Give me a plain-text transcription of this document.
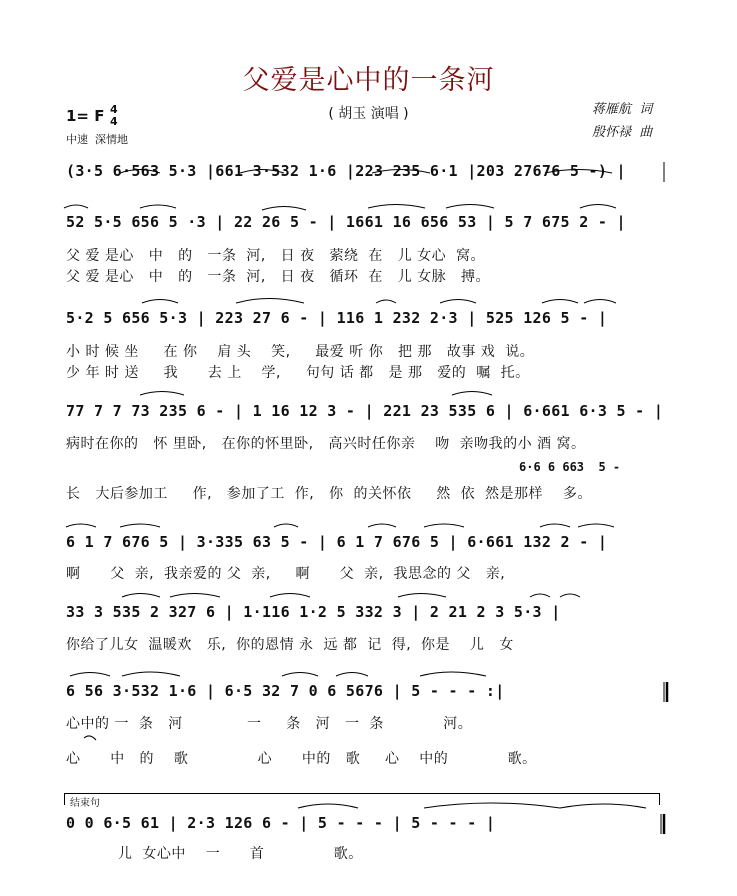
父爱是心中的一条河
( 胡玉 演唱 )
1= F 4
4
中速  深情地
蒋雁航  词
殷怀禄  曲
(3·5 6·563 5·3 |661 3·532 1·6 |223 235 6·1 |203 27676 5 -) |
52 5·5 656 5 ·3 | 22 26 5 - | 1661 16 656 53 | 5 7 675 2 - |
父 爱 是心   中   的   一条  河,   日 夜   萦绕  在   儿 女心  窝。
父 爱 是心   中   的   一条  河,   日 夜   循环  在   儿 女脉   搏。
5·2 5 656 5·3 | 223 27 6 - | 116 1 232 2·3 | 525 126 5 - |
小 时 候 坐     在 你    肩 头    笑,     最爱 听 你   把 那   故事 戏  说。
少 年 时 送     我      去 上    学,     句句 话 都   是 那   爱的  嘱  托。
77 7 7 73 235 6 - | 1 16 12 3 - | 221 23 535 6 | 6·661 6·3 5 - |
病时在你的   怀 里卧,   在你的怀里卧,   高兴时任你亲    吻  亲吻我的小 酒 窝。
6·6 6 663  5 -
长   大后参加工     作,   参加了工  作,   你  的关怀依     然  依  然是那样    多。
6 1 7 676 5 | 3·335 63 5 - | 6 1 7 676 5 | 6·661 132 2 - |
啊      父  亲,  我亲爱的 父  亲,     啊      父  亲,  我思念的 父   亲,
33 3 535 2 327 6 | 1·116 1·2 5 332 3 | 2 21 2 3 5·3 |
你给了儿女  温暖欢   乐,  你的恩情 永  远 都  记  得,  你是    儿   女
6 56 3·532 1·6 | 6·5 32 7 0 6 5676 | 5 - - - :|
心中的 一  条   河             一     条   河   一  条            河。
心      中   的    歌              心      中的   歌     心    中的            歌。
结束句
0 0 6·5 61 | 2·3 126 6 - | 5 - - - | 5 - - - |
儿  女心中    一      首              歌。
